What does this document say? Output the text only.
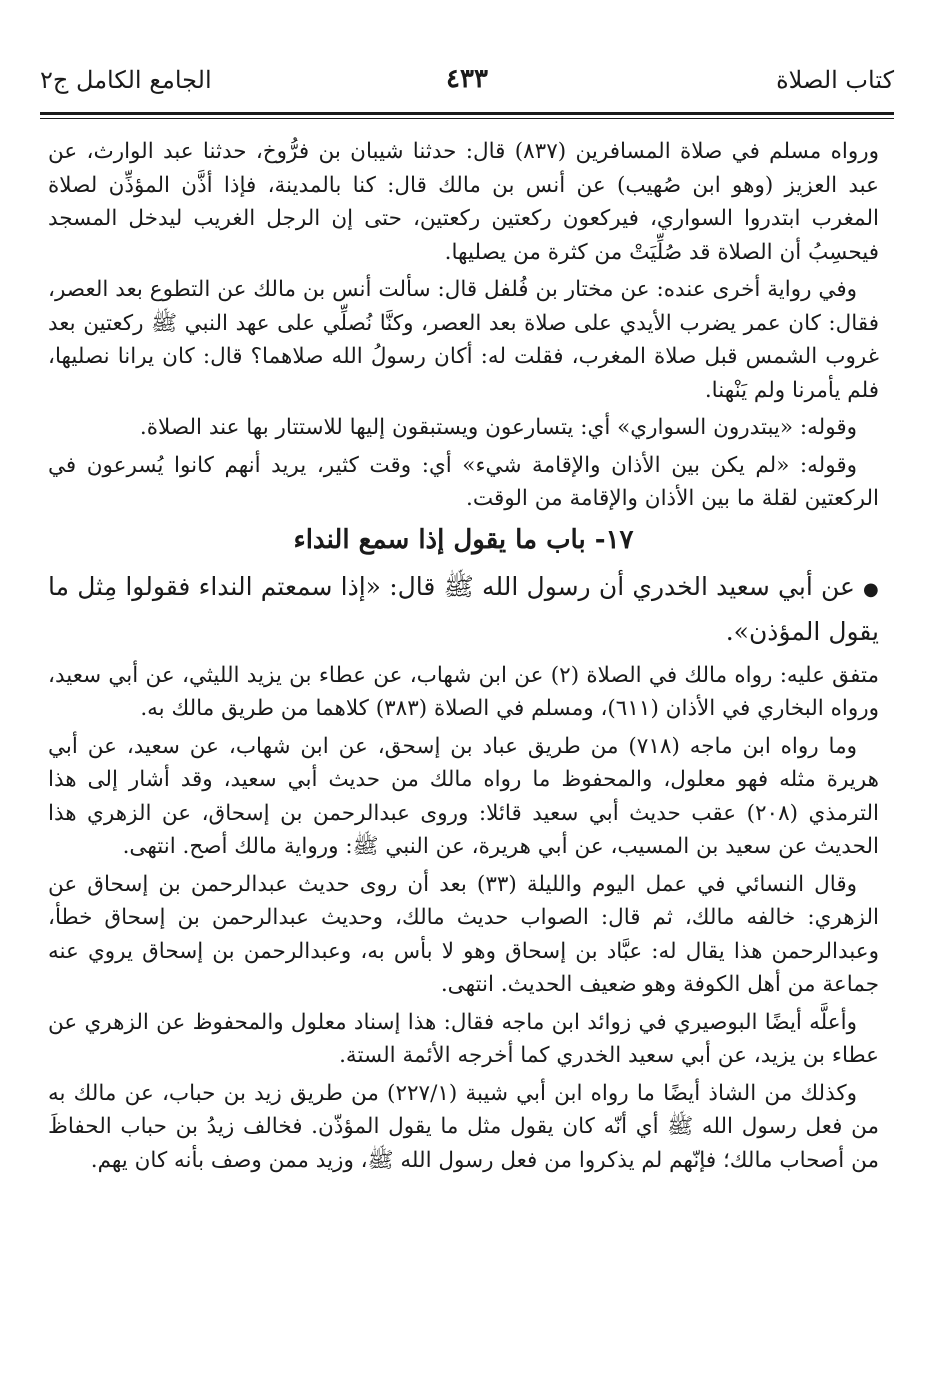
كتاب الصلاة
٤٣٣
الجامع الكامل ج٢

ورواه مسلم في صلاة المسافرين (٨٣٧) قال: حدثنا شيبان بن فرُّوخ، حدثنا عبد الوارث، عن عبد العزيز (وهو ابن صُهيب) عن أنس بن مالك قال: كنا بالمدينة، فإذا أذَّن المؤذِّن لصلاة المغرب ابتدروا السواري، فيركعون ركعتين ركعتين، حتى إن الرجل الغريب ليدخل المسجد فيحسِبُ أن الصلاة قد صُلِّيَتْ من كثرة من يصليها.

وفي رواية أخرى عنده: عن مختار بن فُلفل قال: سألت أنس بن مالك عن التطوع بعد العصر، فقال: كان عمر يضرب الأيدي على صلاة بعد العصر، وكنَّا نُصلِّي على عهد النبي ﷺ ركعتين بعد غروب الشمس قبل صلاة المغرب، فقلت له: أكان رسولُ الله صلاهما؟ قال: كان يرانا نصليها، فلم يأمرنا ولم يَنْهنا.

وقوله: «يبتدرون السواري» أي: يتسارعون ويستبقون إليها للاستتار بها عند الصلاة.

وقوله: «لم يكن بين الأذان والإقامة شيء» أي: وقت كثير، يريد أنهم كانوا يُسرعون في الركعتين لقلة ما بين الأذان والإقامة من الوقت.

١٧- باب ما يقول إذا سمع النداء

●عن أبي سعيد الخدري أن رسول الله ﷺ قال: «إذا سمعتم النداء فقولوا مِثل ما يقول المؤذن».

متفق عليه: رواه مالك في الصلاة (٢) عن ابن شهاب، عن عطاء بن يزيد الليثي، عن أبي سعيد، ورواه البخاري في الأذان (٦١١)، ومسلم في الصلاة (٣٨٣) كلاهما من طريق مالك به.

وما رواه ابن ماجه (٧١٨) من طريق عباد بن إسحق، عن ابن شهاب، عن سعيد، عن أبي هريرة مثله فهو معلول، والمحفوظ ما رواه مالك من حديث أبي سعيد، وقد أشار إلى هذا الترمذي (٢٠٨) عقب حديث أبي سعيد قائلا: وروى عبدالرحمن بن إسحاق، عن الزهري هذا الحديث عن سعيد بن المسيب، عن أبي هريرة، عن النبي ﷺ: ورواية مالك أصح. انتهى.

وقال النسائي في عمل اليوم والليلة (٣٣) بعد أن روى حديث عبدالرحمن بن إسحاق عن الزهري: خالفه مالك، ثم قال: الصواب حديث مالك، وحديث عبدالرحمن بن إسحاق خطأ، وعبدالرحمن هذا يقال له: عبَّاد بن إسحاق وهو لا بأس به، وعبدالرحمن بن إسحاق يروي عنه جماعة من أهل الكوفة وهو ضعيف الحديث. انتهى.

وأعلَّه أيضًا البوصيري في زوائد ابن ماجه فقال: هذا إسناد معلول والمحفوظ عن الزهري عن عطاء بن يزيد، عن أبي سعيد الخدري كما أخرجه الأئمة الستة.

وكذلك من الشاذ أيضًا ما رواه ابن أبي شيبة (٢٢٧/١) من طريق زيد بن حباب، عن مالك به من فعل رسول الله ﷺ أي أنّه كان يقول مثل ما يقول المؤذّن. فخالف زيدُ بن حباب الحفاظَ من أصحاب مالك؛ فإنّهم لم يذكروا من فعل رسول الله ﷺ، وزيد ممن وصف بأنه كان يهم.
